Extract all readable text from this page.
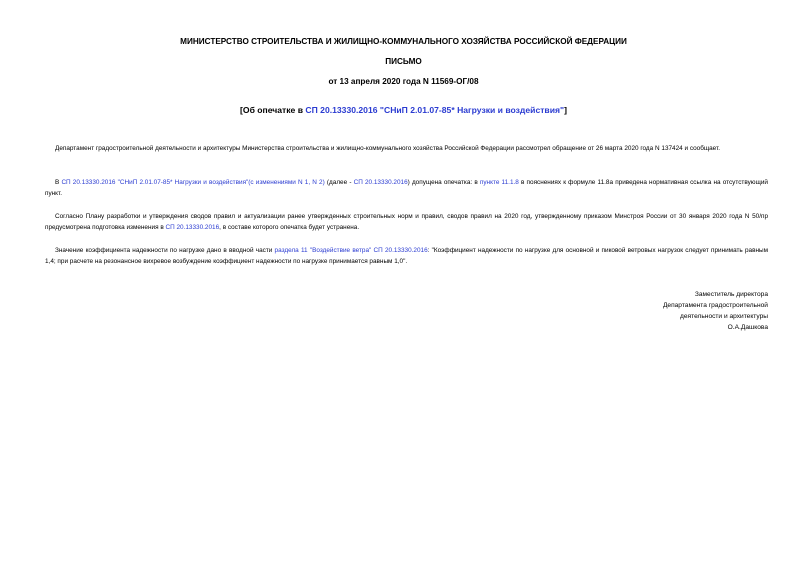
МИНИСТЕРСТВО СТРОИТЕЛЬСТВА И ЖИЛИЩНО-КОММУНАЛЬНОГО ХОЗЯЙСТВА РОССИЙСКОЙ ФЕДЕРАЦИИ
ПИСЬМО
от 13 апреля 2020 года N 11569-ОГ/08
[Об опечатке в СП 20.13330.2016 "СНиП 2.01.07-85* Нагрузки и воздействия"]
Департамент градостроительной деятельности и архитектуры Министерства строительства и жилищно-коммунального хозяйства Российской Федерации рассмотрел обращение от 26 марта 2020 года N 137424 и сообщает.
В СП 20.13330.2016 "СНиП 2.01.07-85* Нагрузки и воздействия"(с изменениями N 1, N 2) (далее - СП 20.13330.2016) допущена опечатка: в пункте 11.1.8 в пояснениях к формуле 11.8а приведена нормативная ссылка на отсутствующий пункт.
Согласно Плану разработки и утверждения сводов правил и актуализации ранее утвержденных строительных норм и правил, сводов правил на 2020 год, утвержденному приказом Минстроя России от 30 января 2020 года N 50/пр предусмотрена подготовка изменения в СП 20.13330.2016, в составе которого опечатка будет устранена.
Значение коэффициента надежности по нагрузке дано в вводной части раздела 11 "Воздействие ветра" СП 20.13330.2016: "Коэффициент надежности по нагрузке для основной и пиковой ветровых нагрузок следует принимать равным 1,4; при расчете на резонансное вихревое возбуждение коэффициент надежности по нагрузке принимается равным 1,0".
Заместитель директора
Департамента градостроительной
деятельности и архитектуры
О.А.Дашкова
